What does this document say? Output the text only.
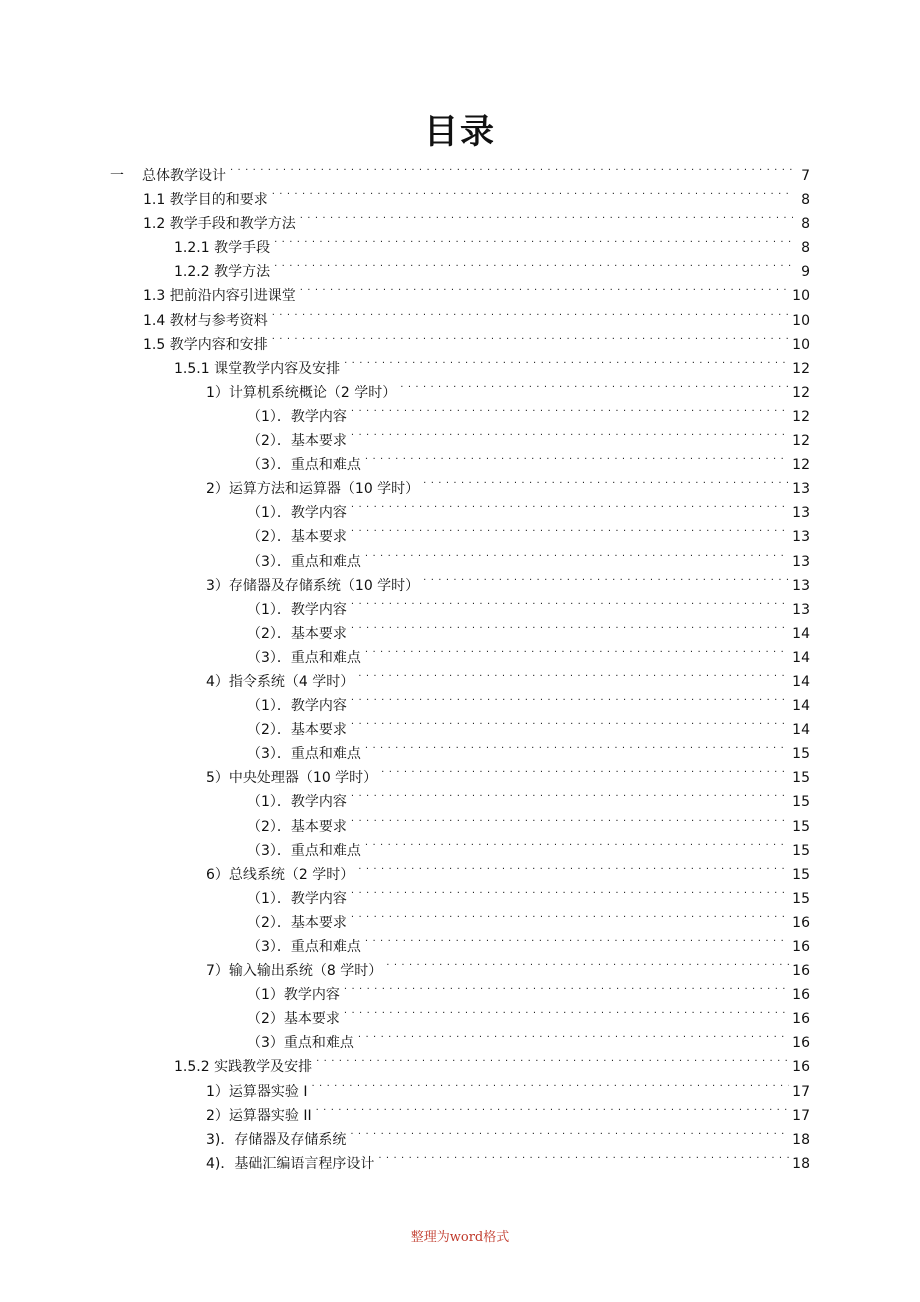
目录
一	总体教学设计 . . .	7
1.1 教学目的和要求 . . .	8
1.2 教学手段和教学方法 . . .	8
1.2.1 教学手段 . . .	8
1.2.2 教学方法 . . .	9
1.3 把前沿内容引进课堂 . . .	10
1.4 教材与参考资料 . . .	10
1.5 教学内容和安排 . . .	10
1.5.1 课堂教学内容及安排 . . .	12
1）计算机系统概论（2 学时） . . .	12
（1）．教学内容 . . .	12
（2）．基本要求 . . .	12
（3）．重点和难点 . . .	12
2）运算方法和运算器（10 学时） . . .	13
（1）．教学内容 . . .	13
（2）．基本要求 . . .	13
（3）．重点和难点 . . .	13
3）存储器及存储系统（10 学时） . . .	13
（1）．教学内容 . . .	13
（2）．基本要求 . . .	14
（3）．重点和难点 . . .	14
4）指令系统（4 学时） . . .	14
（1）．教学内容 . . .	14
（2）．基本要求 . . .	14
（3）．重点和难点 . . .	15
5）中央处理器（10 学时） . . .	15
（1）．教学内容 . . .	15
（2）．基本要求 . . .	15
（3）．重点和难点 . . .	15
6）总线系统（2 学时） . . .	15
（1）．教学内容 . . .	15
（2）．基本要求 . . .	16
（3）．重点和难点 . . .	16
7）输入输出系统（8 学时） . . .	16
（1）教学内容 . . .	16
（2）基本要求 . . .	16
（3）重点和难点 . . .	16
1.5.2 实践教学及安排 . . .	16
1）运算器实验 I . . .	17
2）运算器实验 II . . .	17
3)．存储器及存储系统 . . .	18
4)．基础汇编语言程序设计 . . .	18
整理为word格式
